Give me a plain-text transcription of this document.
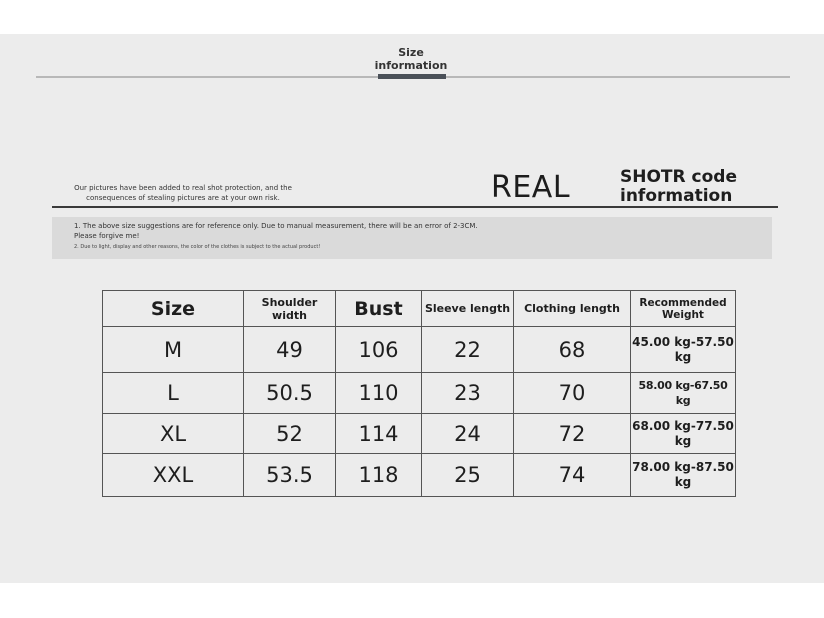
Size information
Our pictures have been added to real shot protection, and the consequences of stealing pictures are at your own risk.	REAL	SHOTR code information
1. The above size suggestions are for reference only. Due to manual measurement, there will be an error of 2-3CM. Please forgive me!
2. Due to light, display and other reasons, the color of the clothes is subject to the actual product!
Size	Shoulder width	Bust	Sleeve length	Clothing length	Recommended Weight
M	49	106	22	68	45.00 kg-57.50 kg
L	50.5	110	23	70	58.00 kg-67.50 kg
XL	52	114	24	72	68.00 kg-77.50 kg
XXL	53.5	118	25	74	78.00 kg-87.50 kg
